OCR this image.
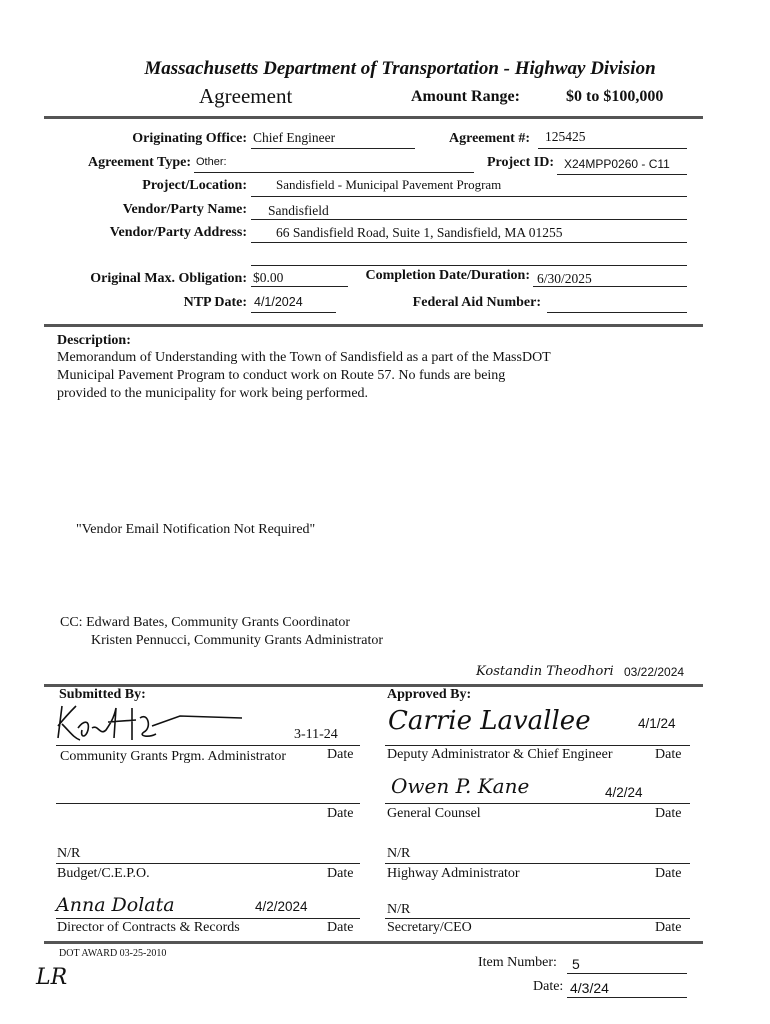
Massachusetts Department of Transportation - Highway Division
Agreement	Amount Range:	$0 to $100,000
Originating Office: Chief Engineer	Agreement #: 125425
Agreement Type: Other:	Project ID: X24MPP0260 - C11
Project/Location: Sandisfield - Municipal Pavement Program
Vendor/Party Name: Sandisfield
Vendor/Party Address: 66 Sandisfield Road, Suite 1, Sandisfield, MA 01255
Original Max. Obligation: $0.00	Completion Date/Duration: 6/30/2025
NTP Date: 4/1/2024	Federal Aid Number:
Description:
Memorandum of Understanding with the Town of Sandisfield as a part of the MassDOT
Municipal Pavement Program to conduct work on Route 57. No funds are being
provided to the municipality for work being performed.
"Vendor Email Notification Not Required"
CC: Edward Bates, Community Grants Coordinator
Kristen Pennucci, Community Grants Administrator
Kostandin Theodhori 03/22/2024
Submitted By:	Approved By:
3-11-24
Community Grants Prgm. Administrator	Date
Date
N/R
Budget/C.E.P.O.	Date
Anna Dolata	4/2/2024
Director of Contracts & Records	Date
Carrie Lavallee	4/1/24
Deputy Administrator & Chief Engineer	Date
Owen P. Kane	4/2/24
General Counsel	Date
N/R
Highway Administrator	Date
N/R
Secretary/CEO	Date
DOT AWARD 03-25-2010
LR
Item Number: 5
Date: 4/3/24
